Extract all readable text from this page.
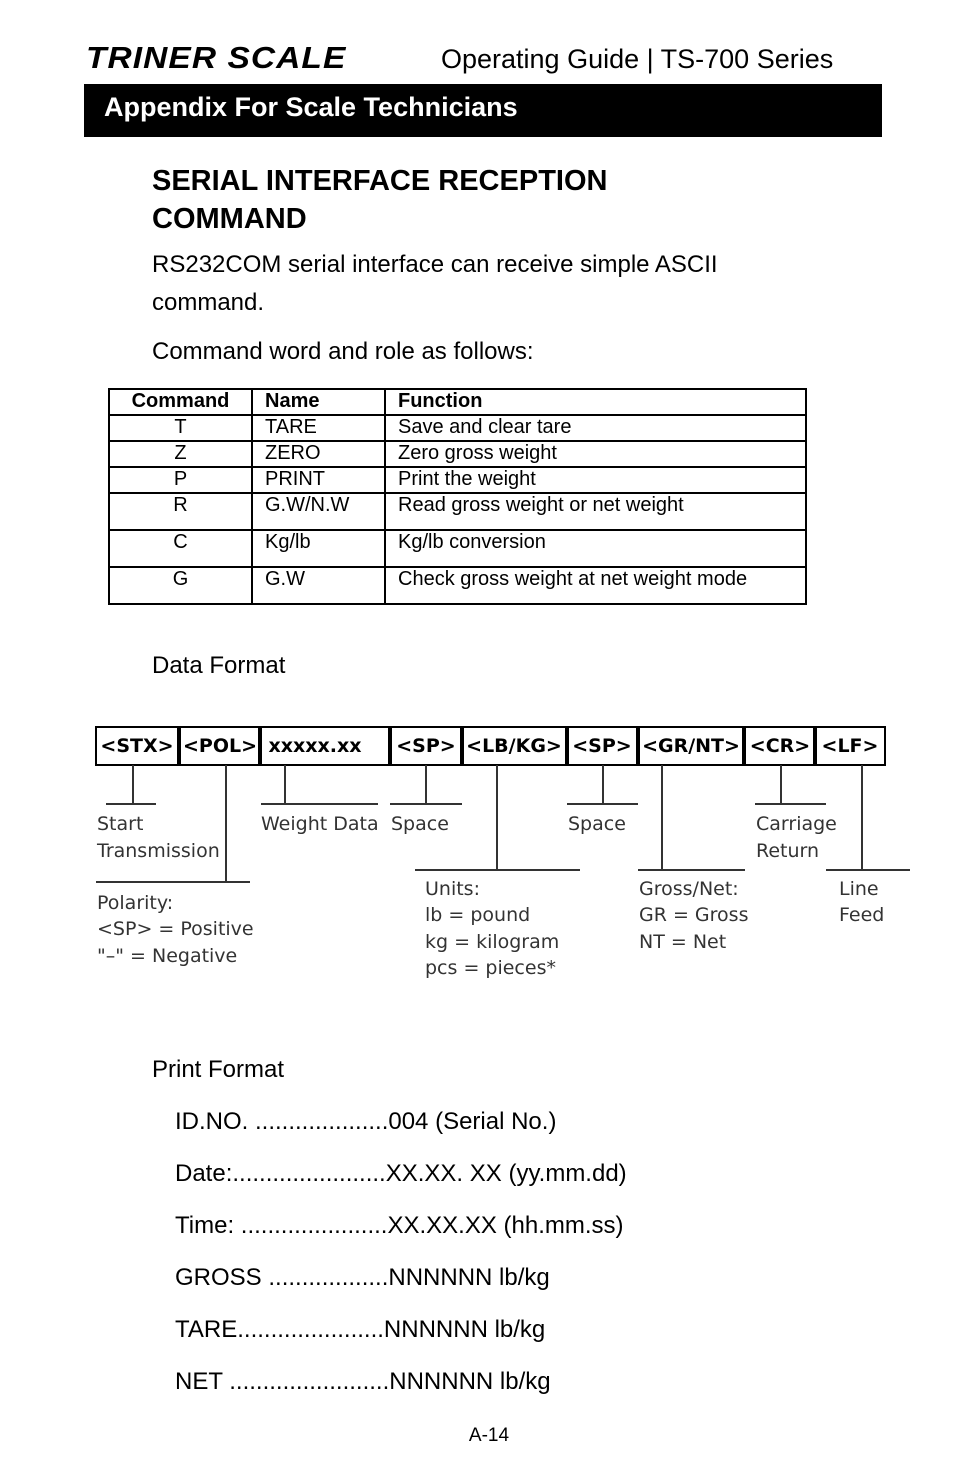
TRINER SCALE	Operating Guide | TS-700 Series
Appendix For Scale Technicians
SERIAL INTERFACE RECEPTION COMMAND
RS232COM serial interface can receive simple ASCII command.
Command word and role as follows:
Command	Name	Function
T	TARE	Save and clear tare
Z	ZERO	Zero gross weight
P	PRINT	Print the weight
R	G.W/N.W	Read gross weight or net weight
C	Kg/lb	Kg/lb conversion
G	G.W	Check gross weight at net weight mode
Data Format
<STX> <POL> xxxxx.xx <SP> <LB/KG> <SP> <GR/NT> <CR> <LF>
Start
Transmission
Weight Data Space	Space	Carriage
Return
Polarity:
<SP> = Positive
"–" = Negative
Units:
lb = pound
kg = kilogram
pcs = pieces*
Gross/Net:
GR = Gross
NT = Net
Line
Feed
Print Format
ID.NO. ....................004 (Serial No.)
Date:.......................XX.XX. XX (yy.mm.dd)
Time: ......................XX.XX.XX (hh.mm.ss)
GROSS ..................NNNNNN lb/kg
TARE......................NNNNNN lb/kg
NET ........................NNNNNN lb/kg
A-14
